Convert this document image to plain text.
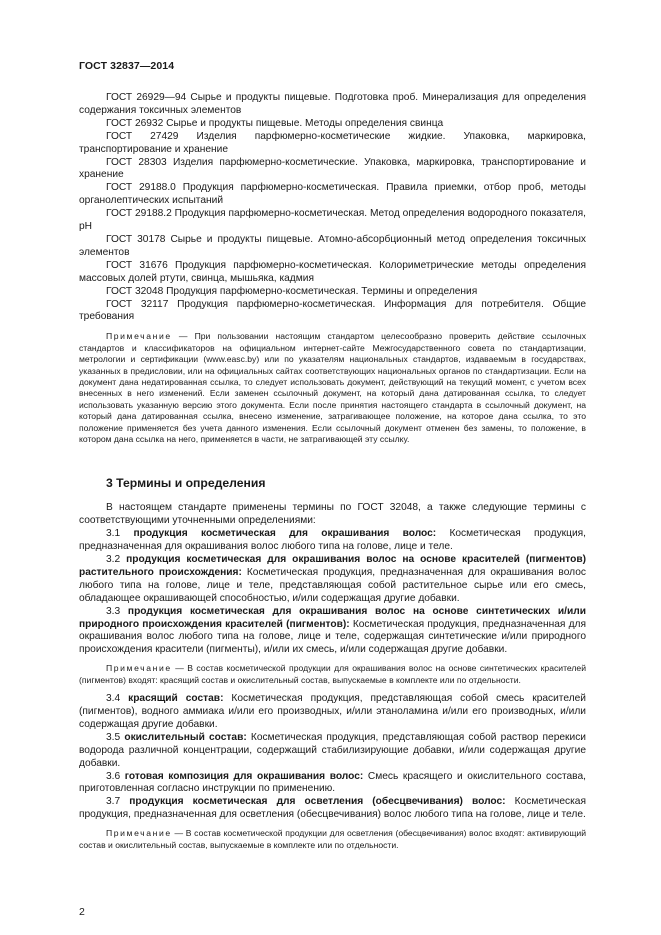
ГОСТ 32837—2014

ГОСТ 26929—94 Сырье и продукты пищевые. Подготовка проб. Минерализация для определения содержания токсичных элементов

ГОСТ 26932 Сырье и продукты пищевые. Методы определения свинца

ГОСТ 27429 Изделия парфюмерно-косметические жидкие. Упаковка, маркировка, транспортирование и хранение

ГОСТ 28303 Изделия парфюмерно-косметические. Упаковка, маркировка, транспортирование и хранение

ГОСТ 29188.0 Продукция парфюмерно-косметическая. Правила приемки, отбор проб, методы органолептических испытаний

ГОСТ 29188.2 Продукция парфюмерно-косметическая. Метод определения водородного показателя, pH

ГОСТ 30178 Сырье и продукты пищевые. Атомно-абсорбционный метод определения токсичных элементов

ГОСТ 31676 Продукция парфюмерно-косметическая. Колориметрические методы определения массовых долей ртути, свинца, мышьяка, кадмия

ГОСТ 32048 Продукция парфюмерно-косметическая. Термины и определения

ГОСТ 32117 Продукция парфюмерно-косметическая. Информация для потребителя. Общие требования

Примечание — При пользовании настоящим стандартом целесообразно проверить действие ссылочных стандартов и классификаторов на официальном интернет-сайте Межгосударственного совета по стандартизации, метрологии и сертификации (www.easc.by) или по указателям национальных стандартов, издаваемым в государствах, указанных в предисловии, или на официальных сайтах соответствующих национальных органов по стандартизации. Если на документ дана недатированная ссылка, то следует использовать документ, действующий на текущий момент, с учетом всех внесенных в него изменений. Если заменен ссылочный документ, на который дана датированная ссылка, то следует использовать указанную версию этого документа. Если после принятия настоящего стандарта в ссылочный документ, на который дана датированная ссылка, внесено изменение, затрагивающее положение, на которое дана ссылка, то это положение применяется без учета данного изменения. Если ссылочный документ отменен без замены, то положение, в котором дана ссылка на него, применяется в части, не затрагивающей эту ссылку.

3 Термины и определения

В настоящем стандарте применены термины по ГОСТ 32048, а также следующие термины с соответствующими уточненными определениями:

3.1 продукция косметическая для окрашивания волос: Косметическая продукция, предназначенная для окрашивания волос любого типа на голове, лице и теле.

3.2 продукция косметическая для окрашивания волос на основе красителей (пигментов) растительного происхождения: Косметическая продукция, предназначенная для окрашивания волос любого типа на голове, лице и теле, представляющая собой растительное сырье или его смесь, обладающее окрашивающей способностью, и/или содержащая другие добавки.

3.3 продукция косметическая для окрашивания волос на основе синтетических и/или природного происхождения красителей (пигментов): Косметическая продукция, предназначенная для окрашивания волос любого типа на голове, лице и теле, содержащая синтетические и/или природного происхождения красители (пигменты), и/или их смесь, и/или содержащая другие добавки.

Примечание — В состав косметической продукции для окрашивания волос на основе синтетических красителей (пигментов) входят: красящий состав и окислительный состав, выпускаемые в комплекте или по отдельности.

3.4 красящий состав: Косметическая продукция, представляющая собой смесь красителей (пигментов), водного аммиака и/или его производных, и/или этаноламина и/или его производных, и/или содержащая другие добавки.

3.5 окислительный состав: Косметическая продукция, представляющая собой раствор перекиси водорода различной концентрации, содержащий стабилизирующие добавки, и/или содержащая другие добавки.

3.6 готовая композиция для окрашивания волос: Смесь красящего и окислительного состава, приготовленная согласно инструкции по применению.

3.7 продукция косметическая для осветления (обесцвечивания) волос: Косметическая продукция, предназначенная для осветления (обесцвечивания) волос любого типа на голове, лице и теле.

Примечание — В состав косметической продукции для осветления (обесцвечивания) волос входят: активирующий состав и окислительный состав, выпускаемые в комплекте или по отдельности.

2
